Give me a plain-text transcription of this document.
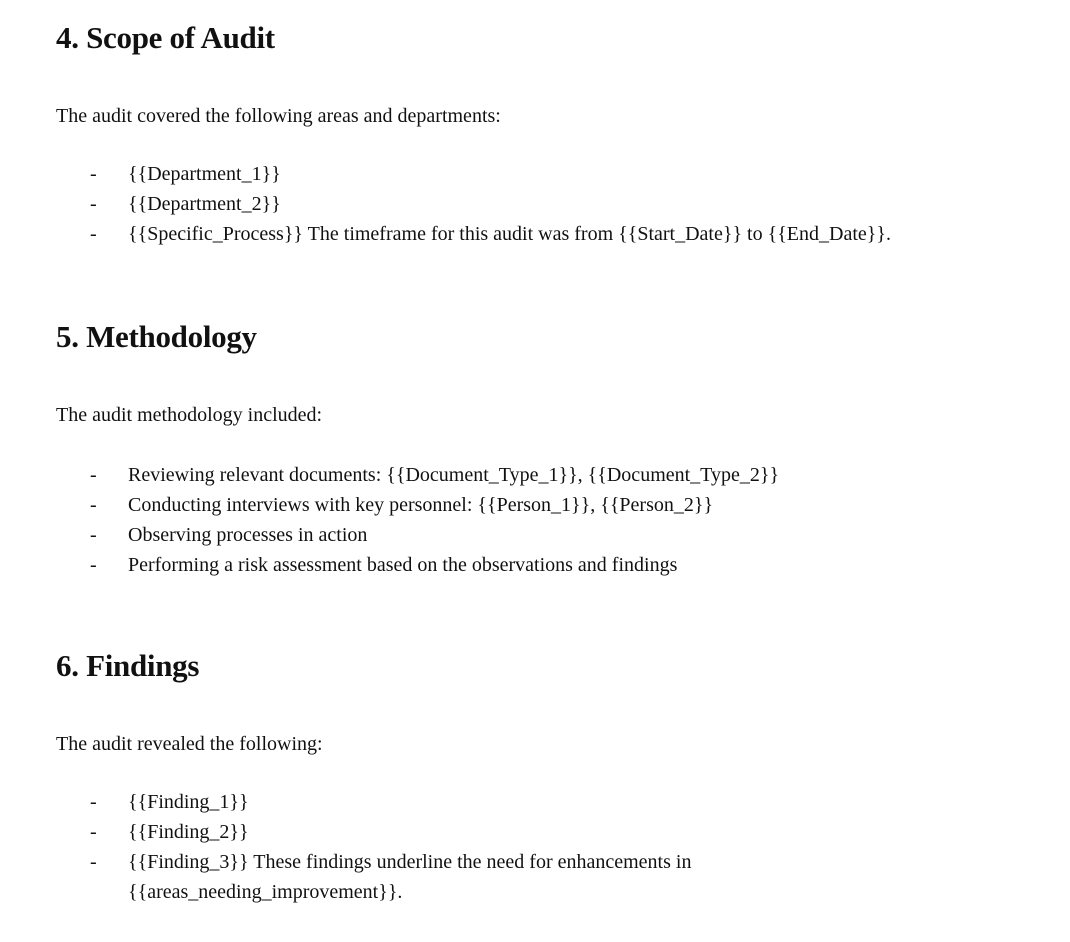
4. Scope of Audit

The audit covered the following areas and departments:

- {{Department_1}}
- {{Department_2}}
- {{Specific_Process}} The timeframe for this audit was from {{Start_Date}} to {{End_Date}}.
5. Methodology

The audit methodology included:

- Reviewing relevant documents: {{Document_Type_1}}, {{Document_Type_2}}
- Conducting interviews with key personnel: {{Person_1}}, {{Person_2}}
- Observing processes in action
- Performing a risk assessment based on the observations and findings
6. Findings

The audit revealed the following:

- {{Finding_1}}
- {{Finding_2}}
- {{Finding_3}} These findings underline the need for enhancements in {{areas_needing_improvement}}.
